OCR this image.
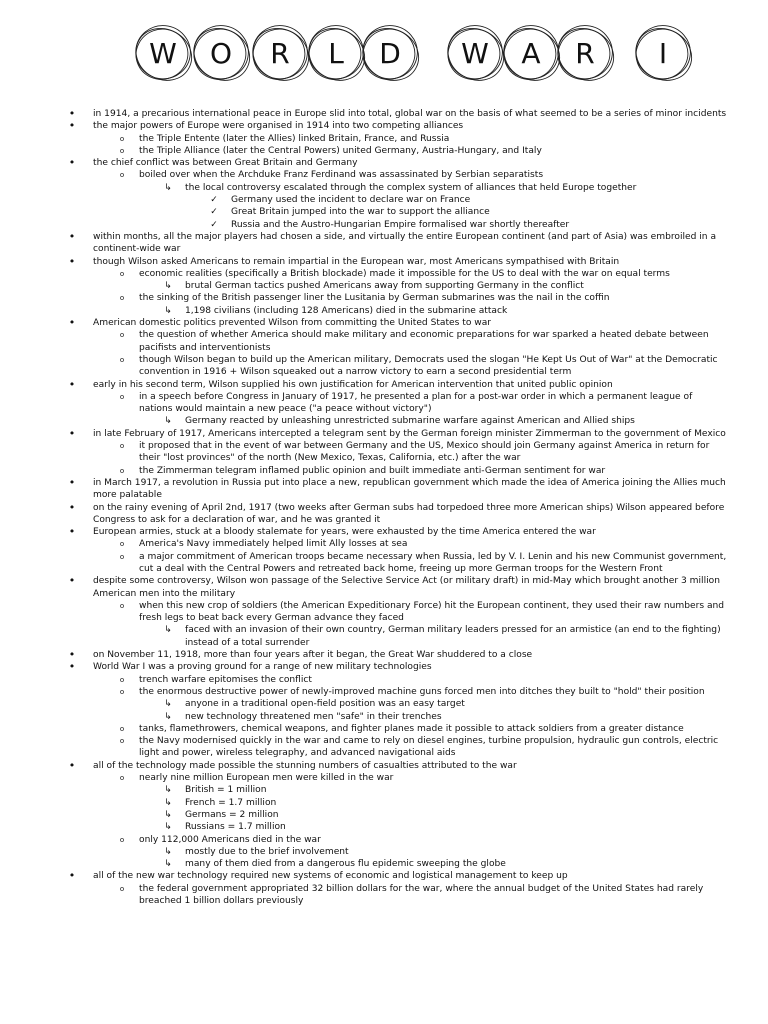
W O R L D W A R I
•	in 1914, a precarious international peace in Europe slid into total, global war on the basis of what seemed to be a series of minor incidents
•	the major powers of Europe were organised in 1914 into two competing alliances
o	the Triple Entente (later the Allies) linked Britain, France, and Russia
o	the Triple Alliance (later the Central Powers) united Germany, Austria-Hungary, and Italy
•	the chief conflict was between Great Britain and Germany
o	boiled over when the Archduke Franz Ferdinand was assassinated by Serbian separatists
↳ the local controversy escalated through the complex system of alliances that held Europe together
✓ Germany used the incident to declare war on France
✓ Great Britain jumped into the war to support the alliance
✓ Russia and the Austro-Hungarian Empire formalised war shortly thereafter
•	within months, all the major players had chosen a side, and virtually the entire European continent (and part of Asia) was embroiled in a continent-wide war
•	though Wilson asked Americans to remain impartial in the European war, most Americans sympathised with Britain
o	economic realities (specifically a British blockade) made it impossible for the US to deal with the war on equal terms
↳ brutal German tactics pushed Americans away from supporting Germany in the conflict
o	the sinking of the British passenger liner the Lusitania by German submarines was the nail in the coffin
↳ 1,198 civilians (including 128 Americans) died in the submarine attack
•	American domestic politics prevented Wilson from committing the United States to war
o	the question of whether America should make military and economic preparations for war sparked a heated debate between pacifists and interventionists
o	though Wilson began to build up the American military, Democrats used the slogan "He Kept Us Out of War" at the Democratic convention in 1916 + Wilson squeaked out a narrow victory to earn a second presidential term
•	early in his second term, Wilson supplied his own justification for American intervention that united public opinion
o	in a speech before Congress in January of 1917, he presented a plan for a post-war order in which a permanent league of nations would maintain a new peace ("a peace without victory")
↳ Germany reacted by unleashing unrestricted submarine warfare against American and Allied ships
•	in late February of 1917, Americans intercepted a telegram sent by the German foreign minister Zimmerman to the government of Mexico
o	it proposed that in the event of war between Germany and the US, Mexico should join Germany against America in return for their "lost provinces" of the north (New Mexico, Texas, California, etc.) after the war
o	the Zimmerman telegram inflamed public opinion and built immediate anti-German sentiment for war
•	in March 1917, a revolution in Russia put into place a new, republican government which made the idea of America joining the Allies much more palatable
•	on the rainy evening of April 2nd, 1917 (two weeks after German subs had torpedoed three more American ships) Wilson appeared before Congress to ask for a declaration of war, and he was granted it
•	European armies, stuck at a bloody stalemate for years, were exhausted by the time America entered the war
o	America's Navy immediately helped limit Ally losses at sea
o	a major commitment of American troops became necessary when Russia, led by V. I. Lenin and his new Communist government, cut a deal with the Central Powers and retreated back home, freeing up more German troops for the Western Front
•	despite some controversy, Wilson won passage of the Selective Service Act (or military draft) in mid-May which brought another 3 million American men into the military
o	when this new crop of soldiers (the American Expeditionary Force) hit the European continent, they used their raw numbers and fresh legs to beat back every German advance they faced
↳ faced with an invasion of their own country, German military leaders pressed for an armistice (an end to the fighting) instead of a total surrender
•	on November 11, 1918, more than four years after it began, the Great War shuddered to a close
•	World War I was a proving ground for a range of new military technologies
o	trench warfare epitomises the conflict
o	the enormous destructive power of newly-improved machine guns forced men into ditches they built to "hold" their position
↳ anyone in a traditional open-field position was an easy target
↳ new technology threatened men "safe" in their trenches
o	tanks, flamethrowers, chemical weapons, and fighter planes made it possible to attack soldiers from a greater distance
o	the Navy modernised quickly in the war and came to rely on diesel engines, turbine propulsion, hydraulic gun controls, electric light and power, wireless telegraphy, and advanced navigational aids
•	all of the technology made possible the stunning numbers of casualties attributed to the war
o	nearly nine million European men were killed in the war
↳ British = 1 million
↳ French = 1.7 million
↳ Germans = 2 million
↳ Russians = 1.7 million
o	only 112,000 Americans died in the war
↳ mostly due to the brief involvement
↳ many of them died from a dangerous flu epidemic sweeping the globe
•	all of the new war technology required new systems of economic and logistical management to keep up
o	the federal government appropriated 32 billion dollars for the war, where the annual budget of the United States had rarely breached 1 billion dollars previously
